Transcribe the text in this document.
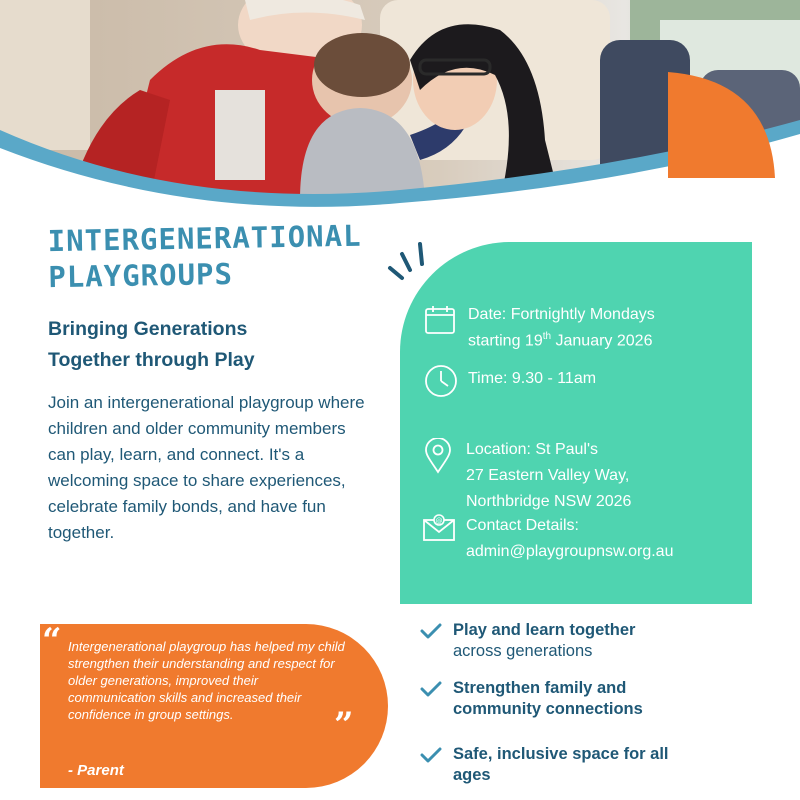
INTERGENERATIONAL
PLAYGROUPS
Bringing Generations
Together through Play

Join an intergenerational playgroup where children and older community members can play, learn, and connect. It's a welcoming space to share experiences, celebrate family bonds, and have fun together.

Date: Fortnightly Mondays
starting 19th January 2026
Time: 9.30 - 11am
Location: St Paul's
27 Eastern Valley Way,
Northbridge NSW 2026
@ Contact Details:
admin@playgroupnsw.org.au
“ Intergenerational playgroup has helped my child strengthen their understanding and respect for older generations, improved their communication skills and increased their confidence in group settings.	”
- Parent
Play and learn together
across generations
Strengthen family and community connections
Safe, inclusive space for all ages
